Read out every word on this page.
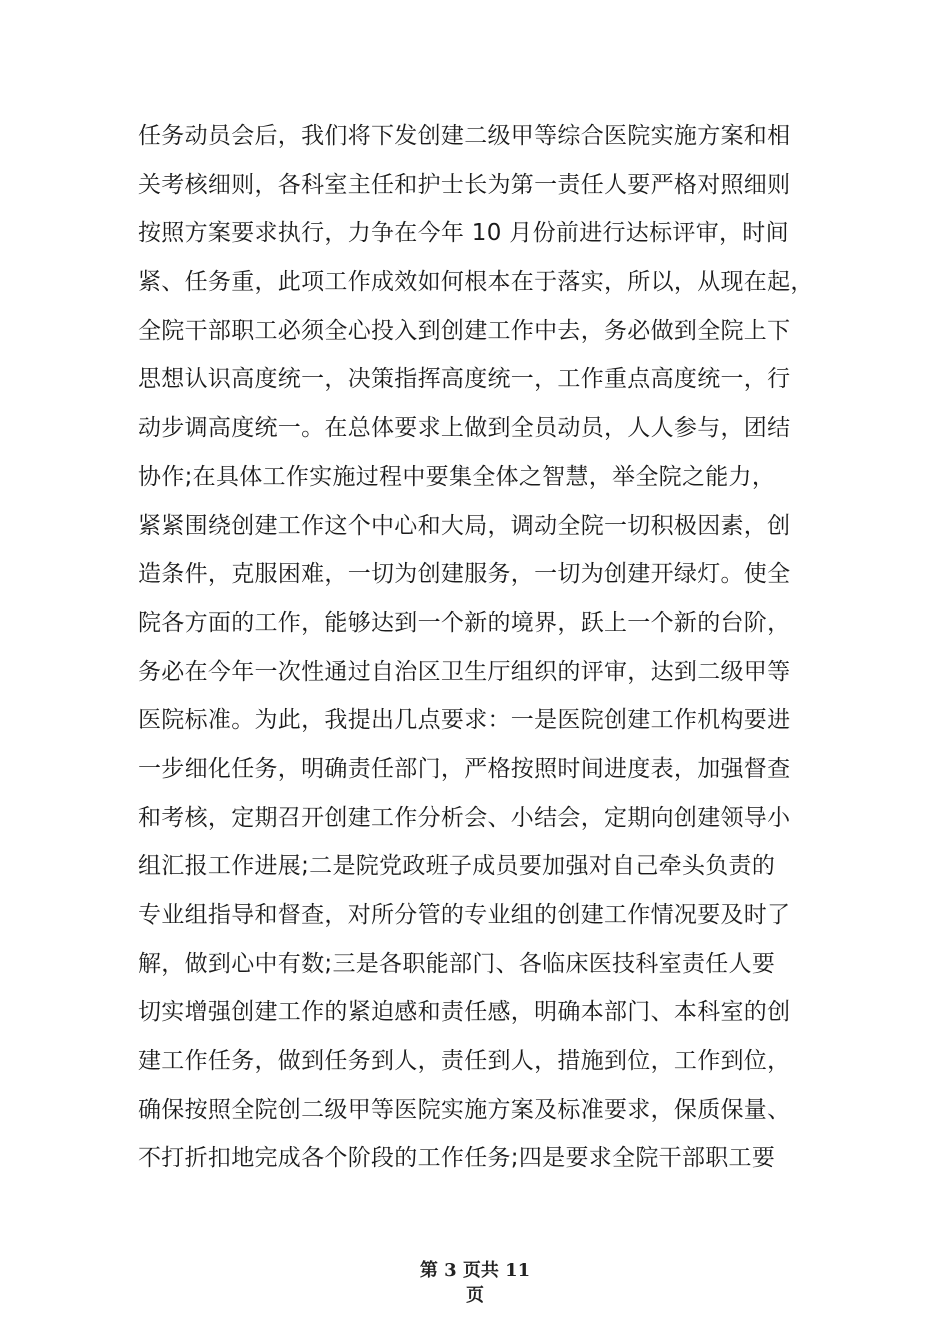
任务动员会后，我们将下发创建二级甲等综合医院实施方案和相
关考核细则，各科室主任和护士长为第一责任人要严格对照细则
按照方案要求执行，力争在今年 10 月份前进行达标评审，时间
紧、任务重，此项工作成效如何根本在于落实，所以，从现在起，
全院干部职工必须全心投入到创建工作中去，务必做到全院上下
思想认识高度统一，决策指挥高度统一，工作重点高度统一，行
动步调高度统一。在总体要求上做到全员动员，人人参与，团结
协作;在具体工作实施过程中要集全体之智慧，举全院之能力，
紧紧围绕创建工作这个中心和大局，调动全院一切积极因素，创
造条件，克服困难，一切为创建服务，一切为创建开绿灯。使全
院各方面的工作，能够达到一个新的境界，跃上一个新的台阶，
务必在今年一次性通过自治区卫生厅组织的评审，达到二级甲等
医院标准。为此，我提出几点要求：一是医院创建工作机构要进
一步细化任务，明确责任部门，严格按照时间进度表，加强督查
和考核，定期召开创建工作分析会、小结会，定期向创建领导小
组汇报工作进展;二是院党政班子成员要加强对自己牵头负责的
专业组指导和督查，对所分管的专业组的创建工作情况要及时了
解，做到心中有数;三是各职能部门、各临床医技科室责任人要
切实增强创建工作的紧迫感和责任感，明确本部门、本科室的创
建工作任务，做到任务到人，责任到人，措施到位，工作到位，
确保按照全院创二级甲等医院实施方案及标准要求，保质保量、
不打折扣地完成各个阶段的工作任务;四是要求全院干部职工要
第 3 页共 11
页
